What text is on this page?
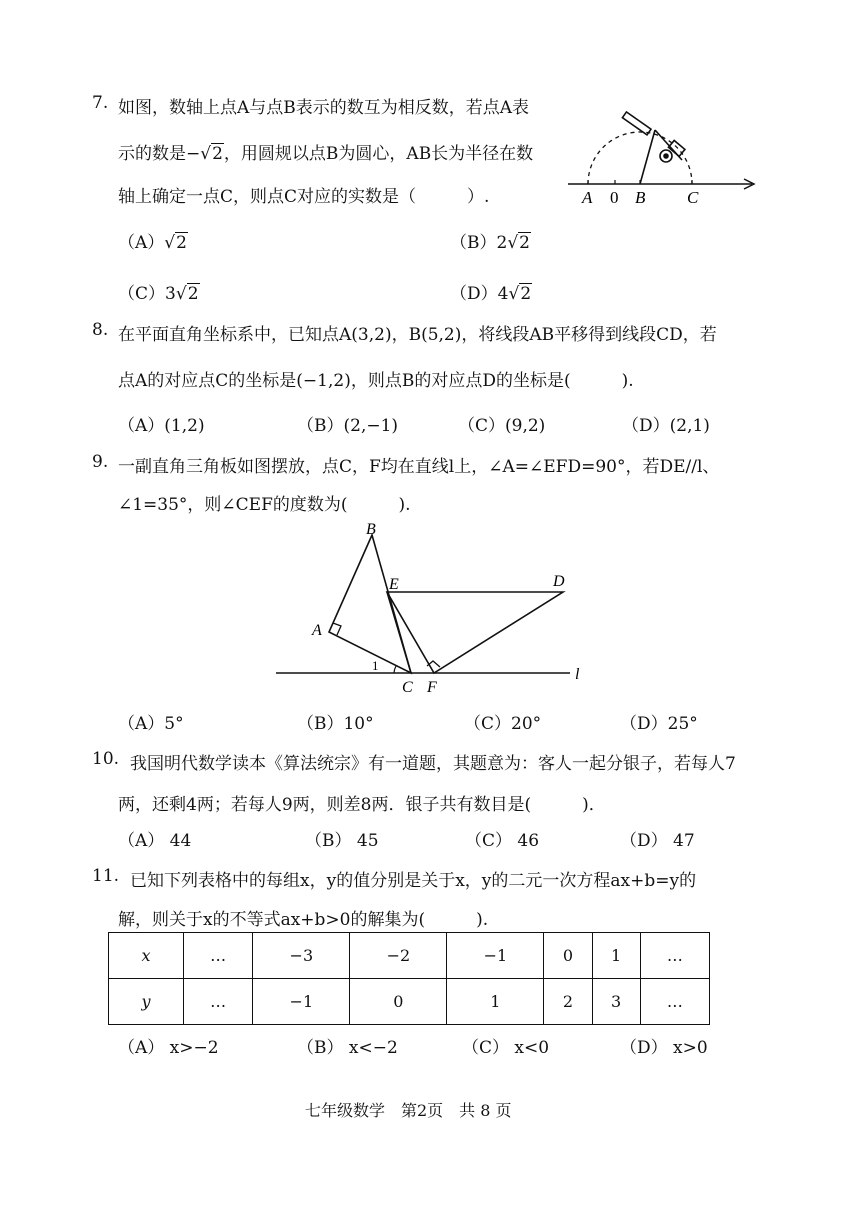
7. 如图，数轴上点A与点B表示的数互为相反数，若点A表
示的数是−√2，用圆规以点B为圆心，AB长为半径在数
轴上确定一点C，则点C对应的实数是（　　　）.	A 0 B C
（A）√2	（B）2√2
（C）3√2	（D）4√2
8. 在平面直角坐标系中，已知点A(3,2)，B(5,2)，将线段AB平移得到线段CD，若
点A的对应点C的坐标是(−1,2)，则点B的对应点D的坐标是(　　　).
（A）(1,2)	（B）(2,−1)	（C）(9,2)	（D）(2,1)
9. 一副直角三角板如图摆放，点C，F均在直线l上，∠A=∠EFD=90°，若DE//l、
∠1=35°，则∠CEF的度数为(　　　).
B
E	D
A
1
C F
l
（A）5°	（B）10°	（C）20°	（D）25°
10. 我国明代数学读本《算法统宗》有一道题，其题意为：客人一起分银子，若每人7
两，还剩4两；若每人9两，则差8两．银子共有数目是(　　　)．
（A） 44	（B） 45	（C） 46	（D） 47
11. 已知下列表格中的每组x，y的值分别是关于x，y的二元一次方程ax+b=y的
解，则关于x的不等式ax+b>0的解集为(　　　).
x	…	−3	−2	−1	0	1	…
y	…	−1	0	1	2	3	…
（A） x>−2	（B） x<−2	（C） x<0	（D） x>0
七年级数学　第2页　共 8 页
